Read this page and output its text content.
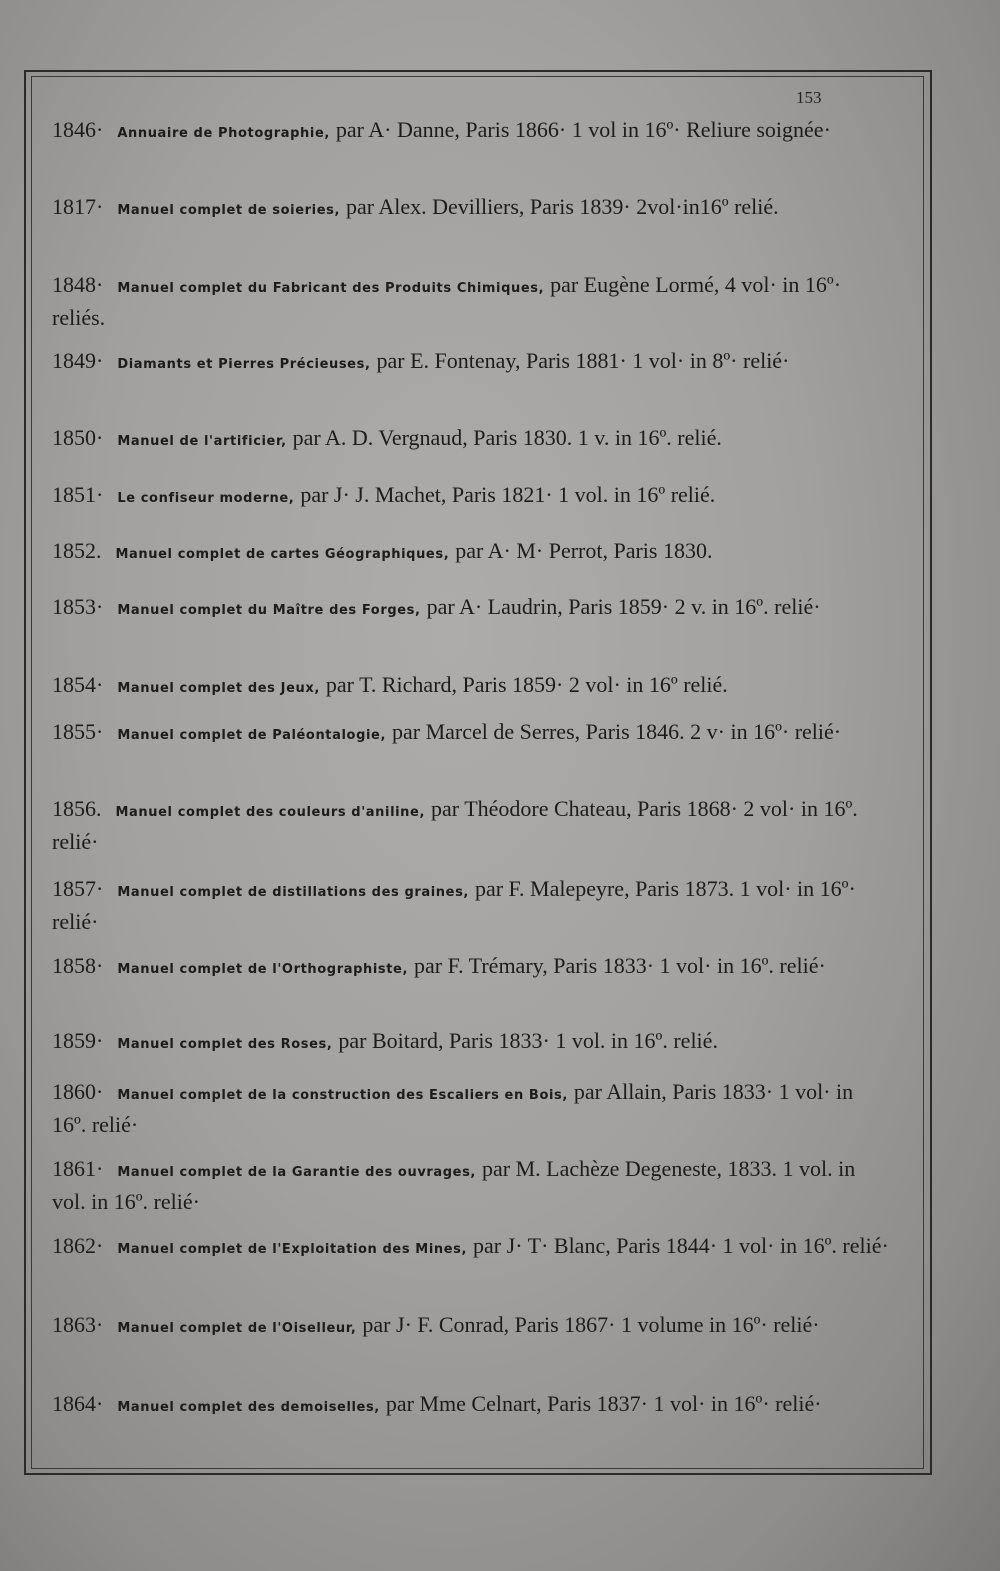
153
1846· Annuaire de Photographie, par A· Danne, Paris 1866· 1 vol in 16º· Reliure soignée·
1817· Manuel complet de soieries, par Alex. Devilliers, Paris 1839· 2vol·in16º relié.
1848· Manuel complet du Fabricant des Produits Chimiques, par Eugène Lormé, 4 vol· in 16º· reliés.
1849· Diamants et Pierres Précieuses, par E. Fontenay, Paris 1881· 1 vol· in 8º· relié·
1850· Manuel de l'artificier, par A. D. Vergnaud, Paris 1830. 1 v. in 16º. relié.
1851· Le confiseur moderne, par J· J. Machet, Paris 1821· 1 vol. in 16º relié.
1852. Manuel complet de cartes Géographiques, par A· M· Perrot, Paris 1830.
1853· Manuel complet du Maître des Forges, par A· Laudrin, Paris 1859· 2 v. in 16º. relié·
1854· Manuel complet des Jeux, par T. Richard, Paris 1859· 2 vol· in 16º relié.
1855· Manuel complet de Paléontalogie, par Marcel de Serres, Paris 1846. 2 v· in 16º· relié·
1856. Manuel complet des couleurs d'aniline, par Théodore Chateau, Paris 1868· 2 vol· in 16º. relié·
1857· Manuel complet de distillations des graines, par F. Malepeyre, Paris 1873. 1 vol· in 16º· relié·
1858· Manuel complet de l'Orthographiste, par F. Trémary, Paris 1833· 1 vol· in 16º. relié·
1859· Manuel complet des Roses, par Boitard, Paris 1833· 1 vol. in 16º. relié.
1860· Manuel complet de la construction des Escaliers en Bois, par Allain, Paris 1833· 1 vol· in 16º. relié·
1861· Manuel complet de la Garantie des ouvrages, par M. Lachèze Degeneste, 1833. 1 vol. in vol. in 16º. relié·
1862· Manuel complet de l'Exploitation des Mines, par J· T· Blanc, Paris 1844· 1 vol· in 16º. relié·
1863· Manuel complet de l'Oiselleur, par J· F. Conrad, Paris 1867· 1 volume in 16º· relié·
1864· Manuel complet des demoiselles, par Mme Celnart, Paris 1837· 1 vol· in 16º· relié·
